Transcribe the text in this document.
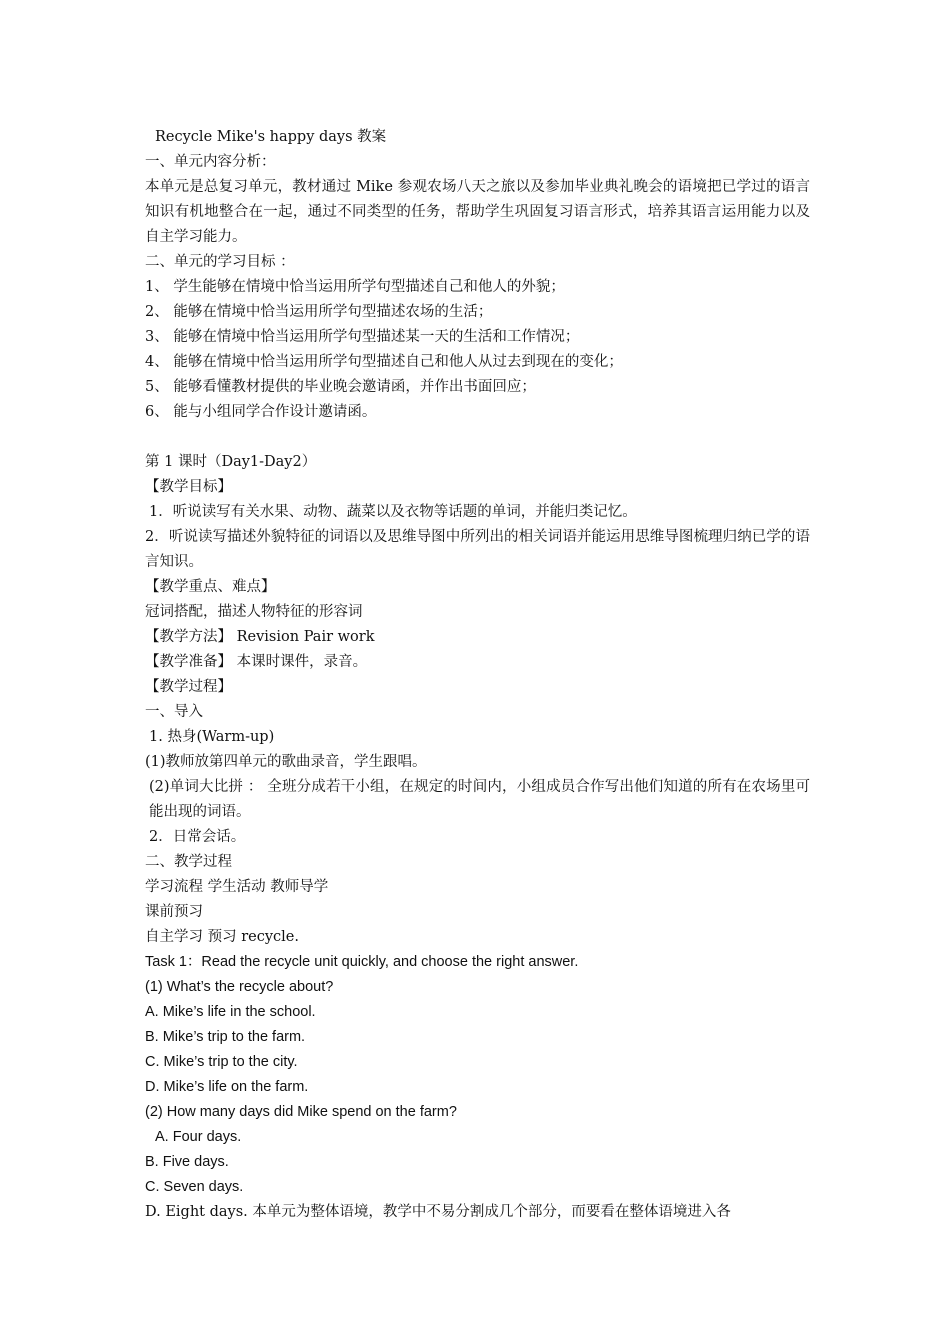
Recycle Mike's happy days 教案
一、单元内容分析：
本单元是总复习单元，教材通过 Mike 参观农场八天之旅以及参加毕业典礼晚会的语境把已学过的语言知识有机地整合在一起，通过不同类型的任务，帮助学生巩固复习语言形式，培养其语言运用能力以及自主学习能力。
二、单元的学习目标 ：
1、 学生能够在情境中恰当运用所学句型描述自己和他人的外貌；
2、 能够在情境中恰当运用所学句型描述农场的生活；
3、 能够在情境中恰当运用所学句型描述某一天的生活和工作情况；
4、 能够在情境中恰当运用所学句型描述自己和他人从过去到现在的变化；
5、 能够看懂教材提供的毕业晚会邀请函，并作出书面回应；
6、 能与小组同学合作设计邀请函。
第 1 课时（Day1-Day2）
【教学目标】
1．听说读写有关水果、动物、蔬菜以及衣物等话题的单词，并能归类记忆。
2．听说读写描述外貌特征的词语以及思维导图中所列出的相关词语并能运用思维导图梳理归纳已学的语言知识。
【教学重点、难点】
冠词搭配，描述人物特征的形容词
【教学方法】 Revision Pair work
【教学准备】 本课时课件，录音。
【教学过程】
一、导入
1. 热身(Warm-up)
(1)教师放第四单元的歌曲录音，学生跟唱。
(2)单词大比拼 ： 全班分成若干小组，在规定的时间内，小组成员合作写出他们知道的所有在农场里可能出现的词语。
2．日常会话。
二、教学过程
学习流程 学生活动 教师导学
课前预习
自主学习 预习 recycle.
Task 1：Read the recycle unit quickly, and choose the right answer.
(1) What’s the recycle about?
A. Mike’s life in the school.
B. Mike’s trip to the farm.
C. Mike’s trip to the city.
D. Mike’s life on the farm.
(2) How many days did Mike spend on the farm?
A. Four days.
B. Five days.
C. Seven days.
D. Eight days. 本单元为整体语境，教学中不易分割成几个部分，而要看在整体语境进入各
